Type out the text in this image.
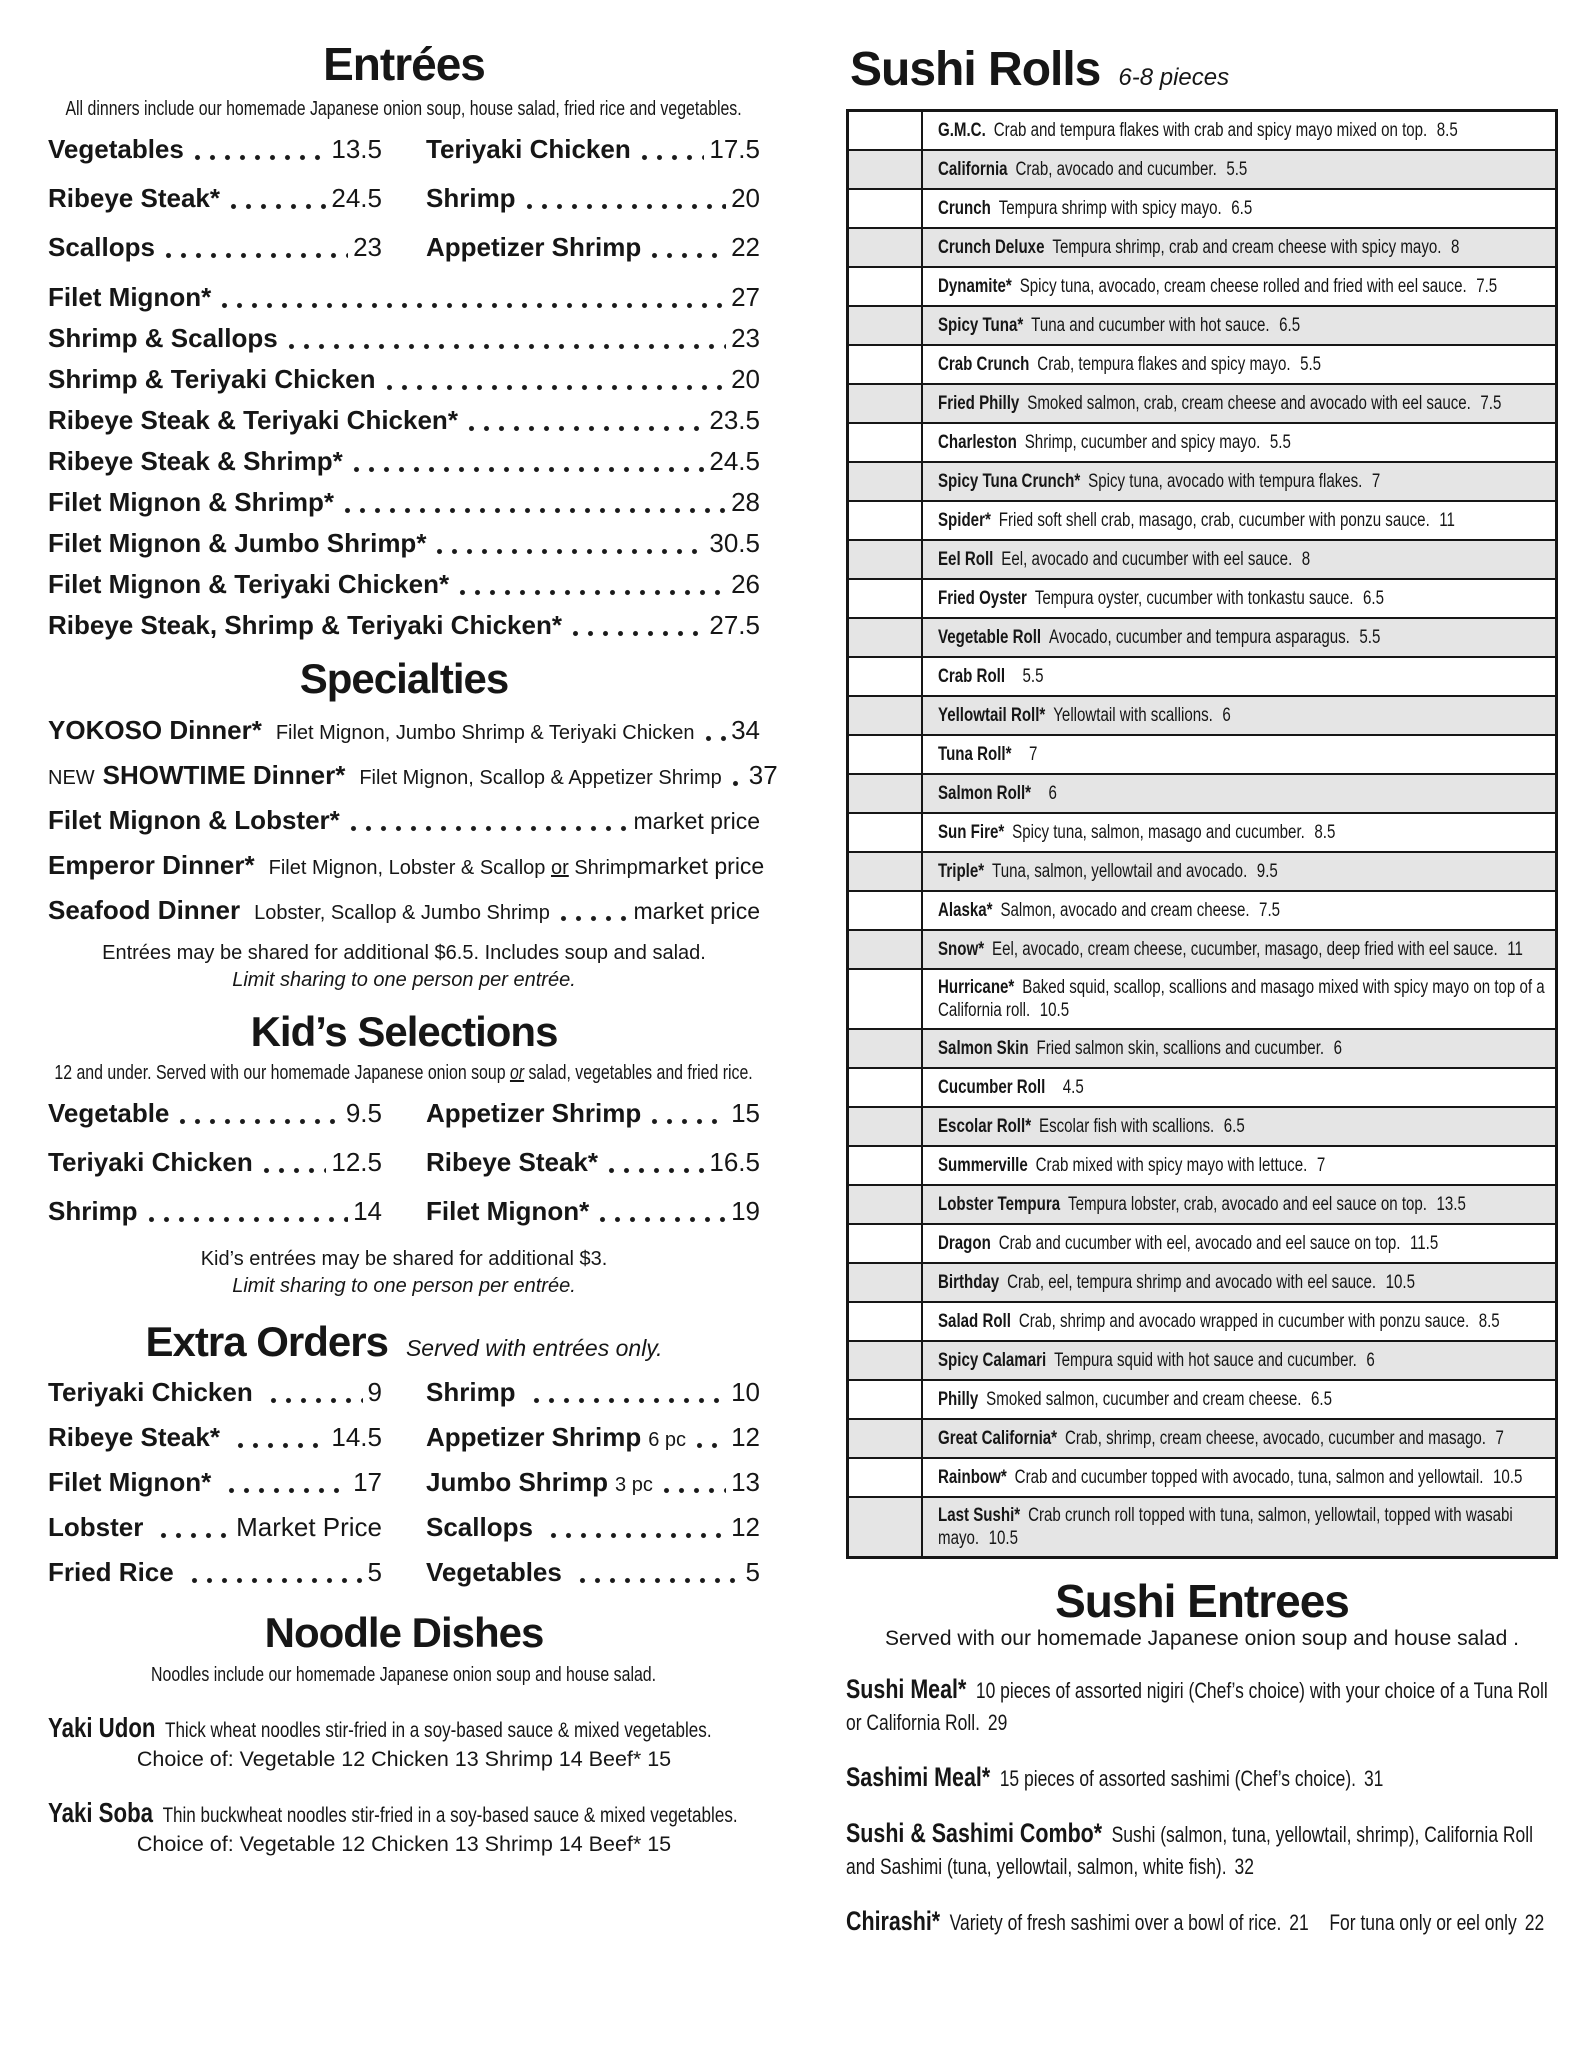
Entrées
All dinners include our homemade Japanese onion soup, house salad, fried rice and vegetables.
Vegetables	13.5 Teriyaki Chicken	17.5
Ribeye Steak*	24.5 Shrimp	20
Scallops	23 Appetizer Shrimp	22
Filet Mignon*	27
Shrimp & Scallops	23
Shrimp & Teriyaki Chicken	20
Ribeye Steak & Teriyaki Chicken*	23.5
Ribeye Steak & Shrimp*	24.5
Filet Mignon & Shrimp*	28
Filet Mignon & Jumbo Shrimp*	30.5
Filet Mignon & Teriyaki Chicken*	26
Ribeye Steak, Shrimp & Teriyaki Chicken*	27.5
Specialties
YOKOSO Dinner* Filet Mignon, Jumbo Shrimp & Teriyaki Chicken 34
NEW SHOWTIME Dinner* Filet Mignon, Scallop & Appetizer Shrimp 37
Filet Mignon & Lobster*	market price
Emperor Dinner* Filet Mignon, Lobster & Scallop or Shrimp market price
Seafood Dinner Lobster, Scallop & Jumbo Shrimp	market price
Entrées may be shared for additional $6.5. Includes soup and salad.
Limit sharing to one person per entrée.
Kid’s Selections
12 and under. Served with our homemade Japanese onion soup or salad, vegetables and fried rice.
Vegetable	9.5 Appetizer Shrimp	15
Teriyaki Chicken	12.5 Ribeye Steak*	16.5
Shrimp	14 Filet Mignon*	19
Kid’s entrées may be shared for additional $3.
Limit sharing to one person per entrée.
Extra Orders Served with entrées only.
Teriyaki Chicken	9 Shrimp	10
Ribeye Steak*	14.5 Appetizer Shrimp 6 pc 12
Filet Mignon*	17 Jumbo Shrimp 3 pc	13
Lobster	Market Price Scallops	12
Fried Rice	5 Vegetables	5
Noodle Dishes
Noodles include our homemade Japanese onion soup and house salad.
Yaki Udon Thick wheat noodles stir-fried in a soy-based sauce & mixed vegetables.
Choice of: Vegetable 12 Chicken 13 Shrimp 14 Beef* 15
Yaki Soba Thin buckwheat noodles stir-fried in a soy-based sauce & mixed vegetables.
Choice of: Vegetable 12 Chicken 13 Shrimp 14 Beef* 15
Sushi Rolls 6-8 pieces
G.M.C. Crab and tempura flakes with crab and spicy mayo mixed on top. 8.5
California Crab, avocado and cucumber. 5.5
Crunch Tempura shrimp with spicy mayo. 6.5
Crunch Deluxe Tempura shrimp, crab and cream cheese with spicy mayo. 8
Dynamite* Spicy tuna, avocado, cream cheese rolled and fried with eel sauce. 7.5
Spicy Tuna* Tuna and cucumber with hot sauce. 6.5
Crab Crunch Crab, tempura flakes and spicy mayo. 5.5
Fried Philly Smoked salmon, crab, cream cheese and avocado with eel sauce. 7.5
Charleston Shrimp, cucumber and spicy mayo. 5.5
Spicy Tuna Crunch* Spicy tuna, avocado with tempura flakes. 7
Spider* Fried soft shell crab, masago, crab, cucumber with ponzu sauce. 11
Eel Roll Eel, avocado and cucumber with eel sauce. 8
Fried Oyster Tempura oyster, cucumber with tonkastu sauce. 6.5
Vegetable Roll Avocado, cucumber and tempura asparagus. 5.5
Crab Roll 5.5
Yellowtail Roll* Yellowtail with scallions. 6
Tuna Roll* 7
Salmon Roll* 6
Sun Fire* Spicy tuna, salmon, masago and cucumber. 8.5
Triple* Tuna, salmon, yellowtail and avocado. 9.5
Alaska* Salmon, avocado and cream cheese. 7.5
Snow* Eel, avocado, cream cheese, cucumber, masago, deep fried with eel sauce. 11
Hurricane* Baked squid, scallop, scallions and masago mixed with spicy mayo on top of a California roll. 10.5
Salmon Skin Fried salmon skin, scallions and cucumber. 6
Cucumber Roll 4.5
Escolar Roll* Escolar fish with scallions. 6.5
Summerville Crab mixed with spicy mayo with lettuce. 7
Lobster Tempura Tempura lobster, crab, avocado and eel sauce on top. 13.5
Dragon Crab and cucumber with eel, avocado and eel sauce on top. 11.5
Birthday Crab, eel, tempura shrimp and avocado with eel sauce. 10.5
Salad Roll Crab, shrimp and avocado wrapped in cucumber with ponzu sauce. 8.5
Spicy Calamari Tempura squid with hot sauce and cucumber. 6
Philly Smoked salmon, cucumber and cream cheese. 6.5
Great California* Crab, shrimp, cream cheese, avocado, cucumber and masago. 7
Rainbow* Crab and cucumber topped with avocado, tuna, salmon and yellowtail. 10.5
Last Sushi* Crab crunch roll topped with tuna, salmon, yellowtail, topped with wasabi mayo. 10.5
Sushi Entrees
Served with our homemade Japanese onion soup and house salad .
Sushi Meal* 10 pieces of assorted nigiri (Chef’s choice) with your choice of a Tuna Roll or California Roll. 29
Sashimi Meal* 15 pieces of assorted sashimi (Chef’s choice). 31
Sushi & Sashimi Combo* Sushi (salmon, tuna, yellowtail, shrimp), California Roll and Sashimi (tuna, yellowtail, salmon, white fish). 32
Chirashi* Variety of fresh sashimi over a bowl of rice. 21 For tuna only or eel only 22
